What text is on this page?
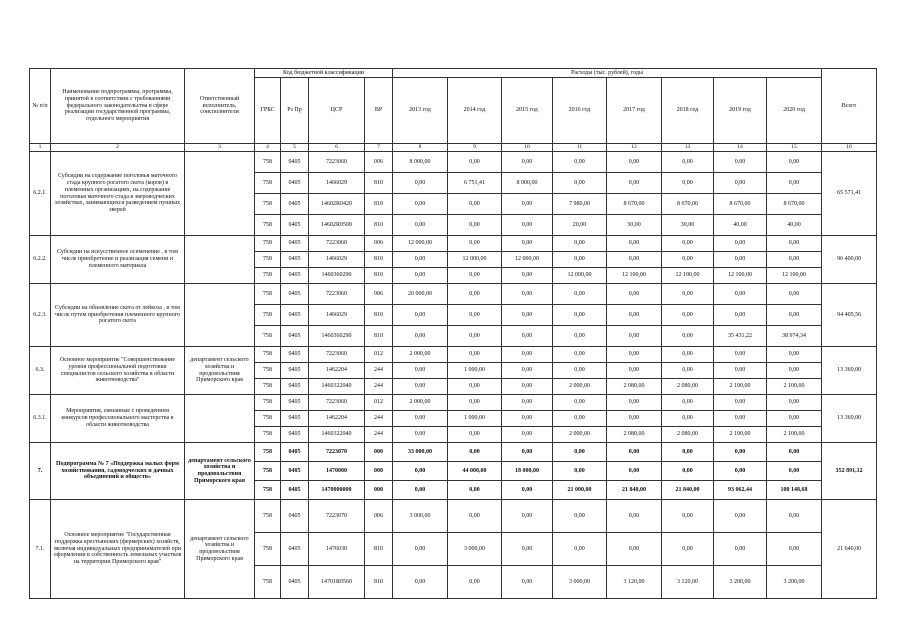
№ п/п	Наименование подпрограммы, программы, принятой в соответствии с требованиями федерального законодательства в сфере реализации государственной программы, отдельного мероприятия	Ответственный исполнитель, соисполнители	Код бюджетной классификации				Расходы (тыс. рублей), годы								Всего
			ГРБС	Рз Пр	ЦСР	ВР	2013 год	2014 год	2015 год	2016 год	2017 год	2018 год	2019 год	2020 год	
1	2	3	4	5	6	7	8	9	10	11	12	13	14	15	16
6.2.1.	Субсидии на содержание поголовья маточного стада крупного рогатого скота (коров) в племенных организациях, на содержание поголовья маточного стада в звероводческих хозяйствах, занимающихся разведением пушных зверей		758	0405	7223060	006	8 000,00	0,00	0,00	0,00	0,00	0,00	0,00	0,00	65 571,41
			758	0405	1466029	810	0,00	6 751,41	8 000,00	0,00	0,00	0,00	0,00	0,00	
			758	0405	14602R0420	810	0,00	0,00	0,00	7 980,00	8 670,00	8 670,00	8 670,00	8 670,00	
			758	0405	14602R0500	810	0,00	0,00	0,00	20,00	30,00	30,00	40,00	40,00	
6.2.2.	Субсидии на искусственное осеменение , в том числе приобретение и реализация семени и племенного материала		758	0405	7223060	006	12 000,00	0,00	0,00	0,00	0,00	0,00	0,00	0,00	96 400,00
			758	0405	1466029	810	0,00	12 000,00	12 000,00	0,00	0,00	0,00	0,00	0,00	
			758	0405	1460360290	810	0,00	0,00	0,00	12 000,00	12 100,00	12 100,00	12 100,00	12 100,00	
6.2.3.	Субсидии на обновление скота от лейкоза , в том числе путем приобретения племенного крупного рогатого скота		758	0405	7223060	006	20 000,00	0,00	0,00	0,00	0,00	0,00	0,00	0,00	94 405,56
			758	0405	1466029	810	0,00	0,00	0,00	0,00	0,00	0,00	0,00	0,00	
			758	0405	1460360290	810	0,00	0,00	0,00	0,00	0,00	0,00	35 431,22	38 974,34	
6.3.	Основное мероприятие "Совершенствование уровня профессиональной подготовки специалистов сельского хозяйства в области животноводства"	департамент сельского хозяйства и продовольствия Приморского края	758	0405	7223060	012	2 000,00	0,00	0,00	0,00	0,00	0,00	0,00	0,00	13 360,00
			758	0405	1462204	244	0,00	1 000,00	0,00	0,00	0,00	0,00	0,00	0,00	
			758	0405	1460322040	244	0,00	0,00	0,00	2 000,00	2 080,00	2 080,00	2 100,00	2 100,00	
6.3.1.	Мероприятия, связанные с проведением конкурсов профессионального мастерства в области животноводства		758	0405	7223060	012	2 000,00	0,00	0,00	0,00	0,00	0,00	0,00	0,00	13 360,00
			758	0405	1462204	244	0,00	1 000,00	0,00	0,00	0,00	0,00	0,00	0,00	
			758	0405	1460322040	244	0,00	0,00	0,00	2 000,00	2 080,00	2 080,00	2 100,00	2 100,00	
7.	Подпрограмма № 7 «Поддержка малых форм хозяйствования, садоводческих и дачных объединений и обществ»	департамент сельского хозяйства и продовольствия Приморского края	758	0405	7223070	000	33 000,00	0,00	0,00	0,00	0,00	0,00	0,00	0,00	352 891,12
			758	0405	1470000	000	0,00	44 000,00	18 000,00	0,00	0,00	0,00	0,00	0,00	
			758	0405	1470000000	000	0,00	0,00	0,00	21 000,00	21 840,00	21 840,00	93 062,44	100 148,68	
7.1.	Основное мероприятие "Государственная поддержка крестьянских (фермерских) хозяйств, включая индивидуальных предпринимателей при оформлении в собственность земельных участков на территории Приморского края"	департамент сельского хозяйства и продовольствия Приморского края	758	0405	7223070	006	3 000,00	0,00	0,00	0,00	0,00	0,00	0,00	0,00	21 640,00
			758	0405	1476030	810	0,00	3 000,00	0,00	0,00	0,00	0,00	0,00	0,00	
			758	0405	14701R0560	810	0,00	0,00	0,00	3 000,00	3 120,00	3 120,00	3 200,00	3 200,00	
